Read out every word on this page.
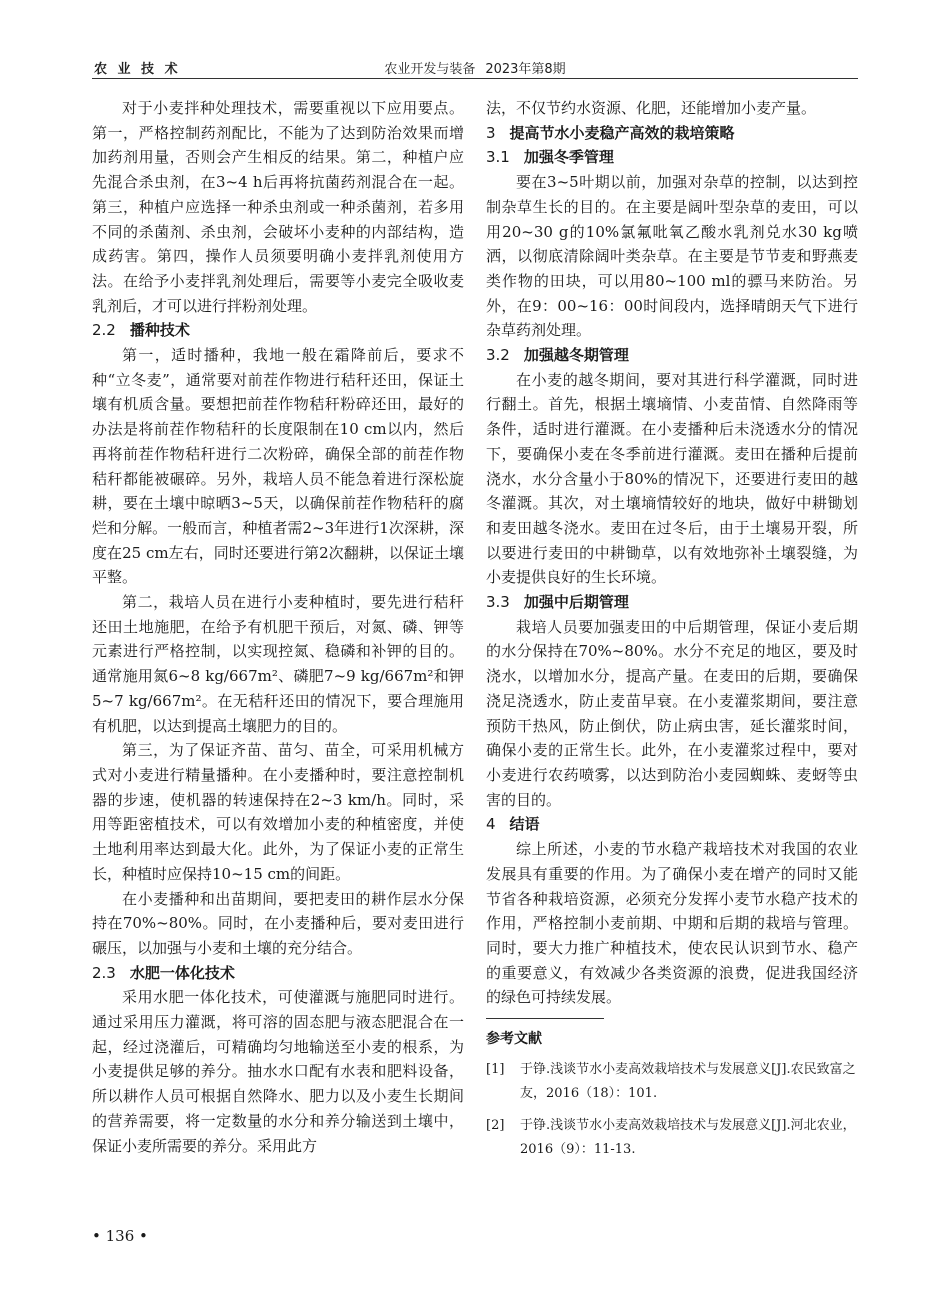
农 业 技 术	农业开发与装备 2023年第8期

对于小麦拌种处理技术，需要重视以下应用要点。第一，严格控制药剂配比，不能为了达到防治效果而增加药剂用量，否则会产生相反的结果。第二，种植户应先混合杀虫剂，在3~4 h后再将抗菌药剂混合在一起。第三，种植户应选择一种杀虫剂或一种杀菌剂，若多用不同的杀菌剂、杀虫剂，会破坏小麦种的内部结构，造成药害。第四，操作人员须要明确小麦拌乳剂使用方法。在给予小麦拌乳剂处理后，需要等小麦完全吸收麦乳剂后，才可以进行拌粉剂处理。

2.2 播种技术

第一，适时播种，我地一般在霜降前后，要求不种“立冬麦”，通常要对前茬作物进行秸秆还田，保证土壤有机质含量。要想把前茬作物秸秆粉碎还田，最好的办法是将前茬作物秸秆的长度限制在10 cm以内，然后再将前茬作物秸秆进行二次粉碎，确保全部的前茬作物秸秆都能被碾碎。另外，栽培人员不能急着进行深松旋耕，要在土壤中晾晒3~5天，以确保前茬作物秸秆的腐烂和分解。一般而言，种植者需2~3年进行1次深耕，深度在25 cm左右，同时还要进行第2次翻耕，以保证土壤平整。

第二，栽培人员在进行小麦种植时，要先进行秸秆还田土地施肥，在给予有机肥干预后，对氮、磷、钾等元素进行严格控制，以实现控氮、稳磷和补钾的目的。通常施用氮6~8 kg/667m²、磷肥7~9 kg/667m²和钾5~7 kg/667m²。在无秸秆还田的情况下，要合理施用有机肥，以达到提高土壤肥力的目的。

第三，为了保证齐苗、苗匀、苗全，可采用机械方式对小麦进行精量播种。在小麦播种时，要注意控制机器的步速，使机器的转速保持在2~3 km/h。同时，采用等距密植技术，可以有效增加小麦的种植密度，并使土地利用率达到最大化。此外，为了保证小麦的正常生长，种植时应保持10~15 cm的间距。

在小麦播种和出苗期间，要把麦田的耕作层水分保持在70%~80%。同时，在小麦播种后，要对麦田进行碾压，以加强与小麦和土壤的充分结合。

2.3 水肥一体化技术

采用水肥一体化技术，可使灌溉与施肥同时进行。通过采用压力灌溉，将可溶的固态肥与液态肥混合在一起，经过浇灌后，可精确均匀地输送至小麦的根系，为小麦提供足够的养分。抽水水口配有水表和肥料设备，所以耕作人员可根据自然降水、肥力以及小麦生长期间的营养需要，将一定数量的水分和养分输送到土壤中，保证小麦所需要的养分。采用此方

法，不仅节约水资源、化肥，还能增加小麦产量。

3 提高节水小麦稳产高效的栽培策略
3.1 加强冬季管理

要在3~5叶期以前，加强对杂草的控制，以达到控制杂草生长的目的。在主要是阔叶型杂草的麦田，可以用20~30 g的10%氯氟吡氧乙酸水乳剂兑水30 kg喷洒，以彻底清除阔叶类杂草。在主要是节节麦和野燕麦类作物的田块，可以用80~100 ml的骠马来防治。另外，在9：00~16：00时间段内，选择晴朗天气下进行杂草药剂处理。

3.2 加强越冬期管理

在小麦的越冬期间，要对其进行科学灌溉，同时进行翻土。首先，根据土壤墒情、小麦苗情、自然降雨等条件，适时进行灌溉。在小麦播种后未浇透水分的情况下，要确保小麦在冬季前进行灌溉。麦田在播种后提前浇水，水分含量小于80%的情况下，还要进行麦田的越冬灌溉。其次，对土壤墒情较好的地块，做好中耕锄划和麦田越冬浇水。麦田在过冬后，由于土壤易开裂，所以要进行麦田的中耕锄草，以有效地弥补土壤裂缝，为小麦提供良好的生长环境。

3.3 加强中后期管理

栽培人员要加强麦田的中后期管理，保证小麦后期的水分保持在70%~80%。水分不充足的地区，要及时浇水，以增加水分，提高产量。在麦田的后期，要确保浇足浇透水，防止麦苗早衰。在小麦灌浆期间，要注意预防干热风，防止倒伏，防止病虫害，延长灌浆时间，确保小麦的正常生长。此外，在小麦灌浆过程中，要对小麦进行农药喷雾，以达到防治小麦园蜘蛛、麦蚜等虫害的目的。

4 结语

综上所述，小麦的节水稳产栽培技术对我国的农业发展具有重要的作用。为了确保小麦在增产的同时又能节省各种栽培资源，必须充分发挥小麦节水稳产技术的作用，严格控制小麦前期、中期和后期的栽培与管理。同时，要大力推广种植技术，使农民认识到节水、稳产的重要意义，有效减少各类资源的浪费，促进我国经济的绿色可持续发展。

参考文献
[1]	于铮.浅谈节水小麦高效栽培技术与发展意义[J].农民致富之友，2016（18）：101.
[2]	于铮.浅谈节水小麦高效栽培技术与发展意义[J].河北农业，2016（9）：11-13.
• 136 •
